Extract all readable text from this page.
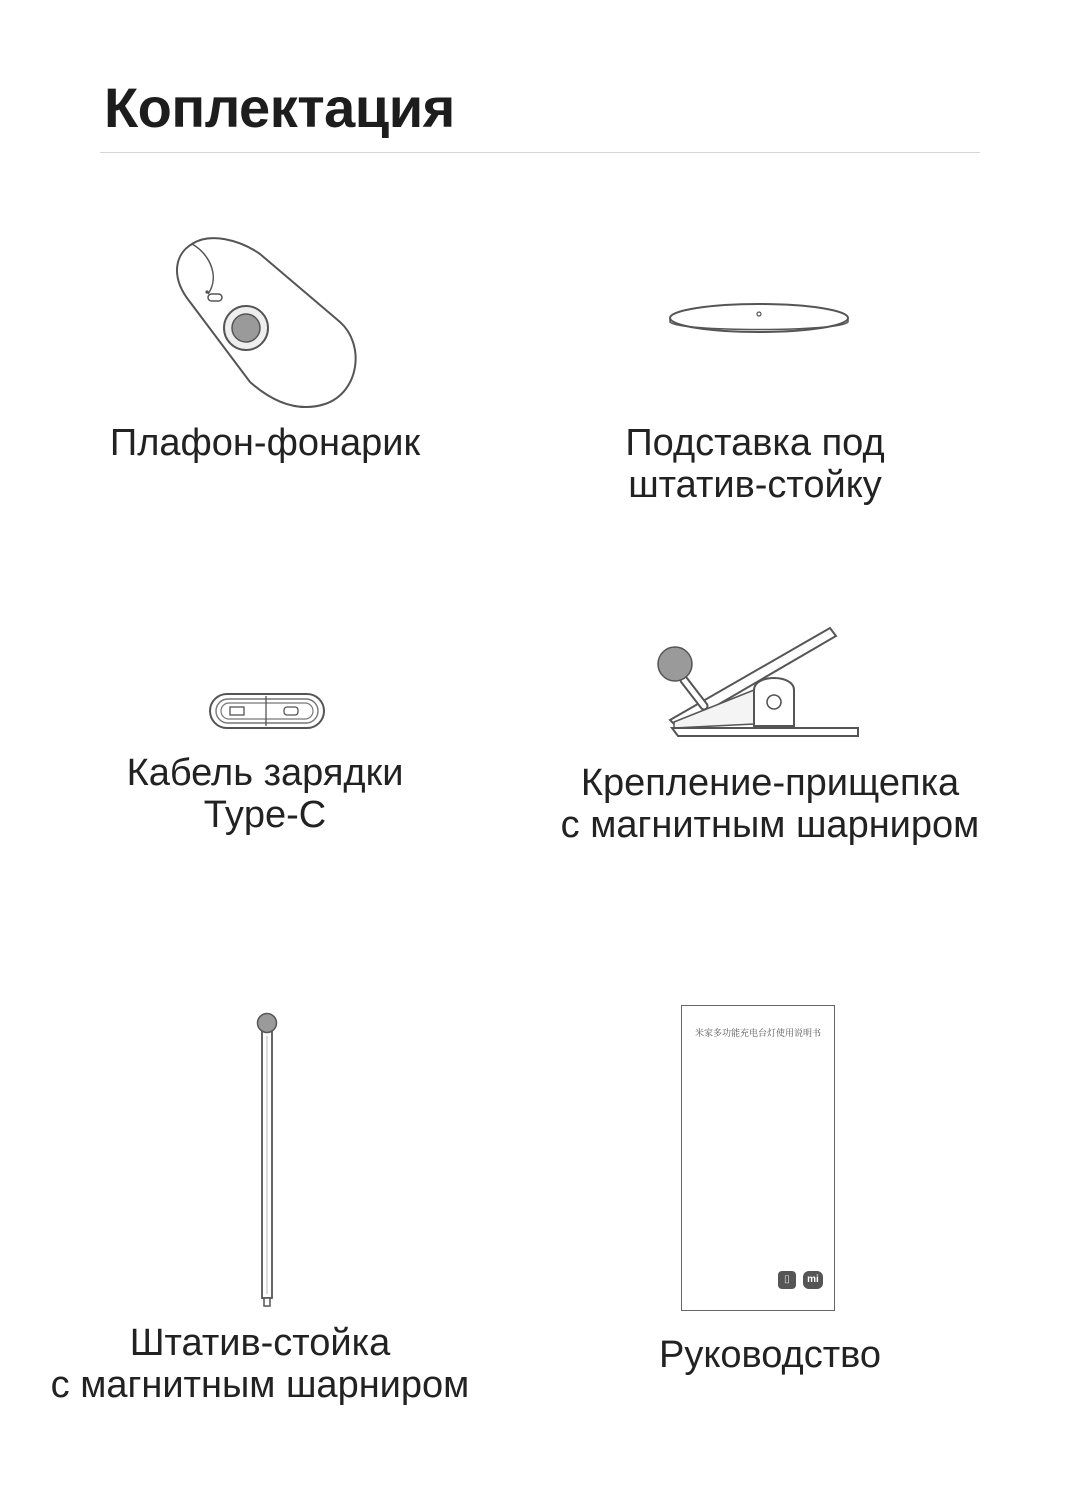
Коплектация
Плафон-фонарик	Подставка под
штатив-стойку
Кабель зарядки
Type-C
Крепление-прищепка
с магнитным шарниром
Штатив-стойка
с магнитным шарниром
米家多功能充电台灯使用说明书
⌷	mi
Руководство
